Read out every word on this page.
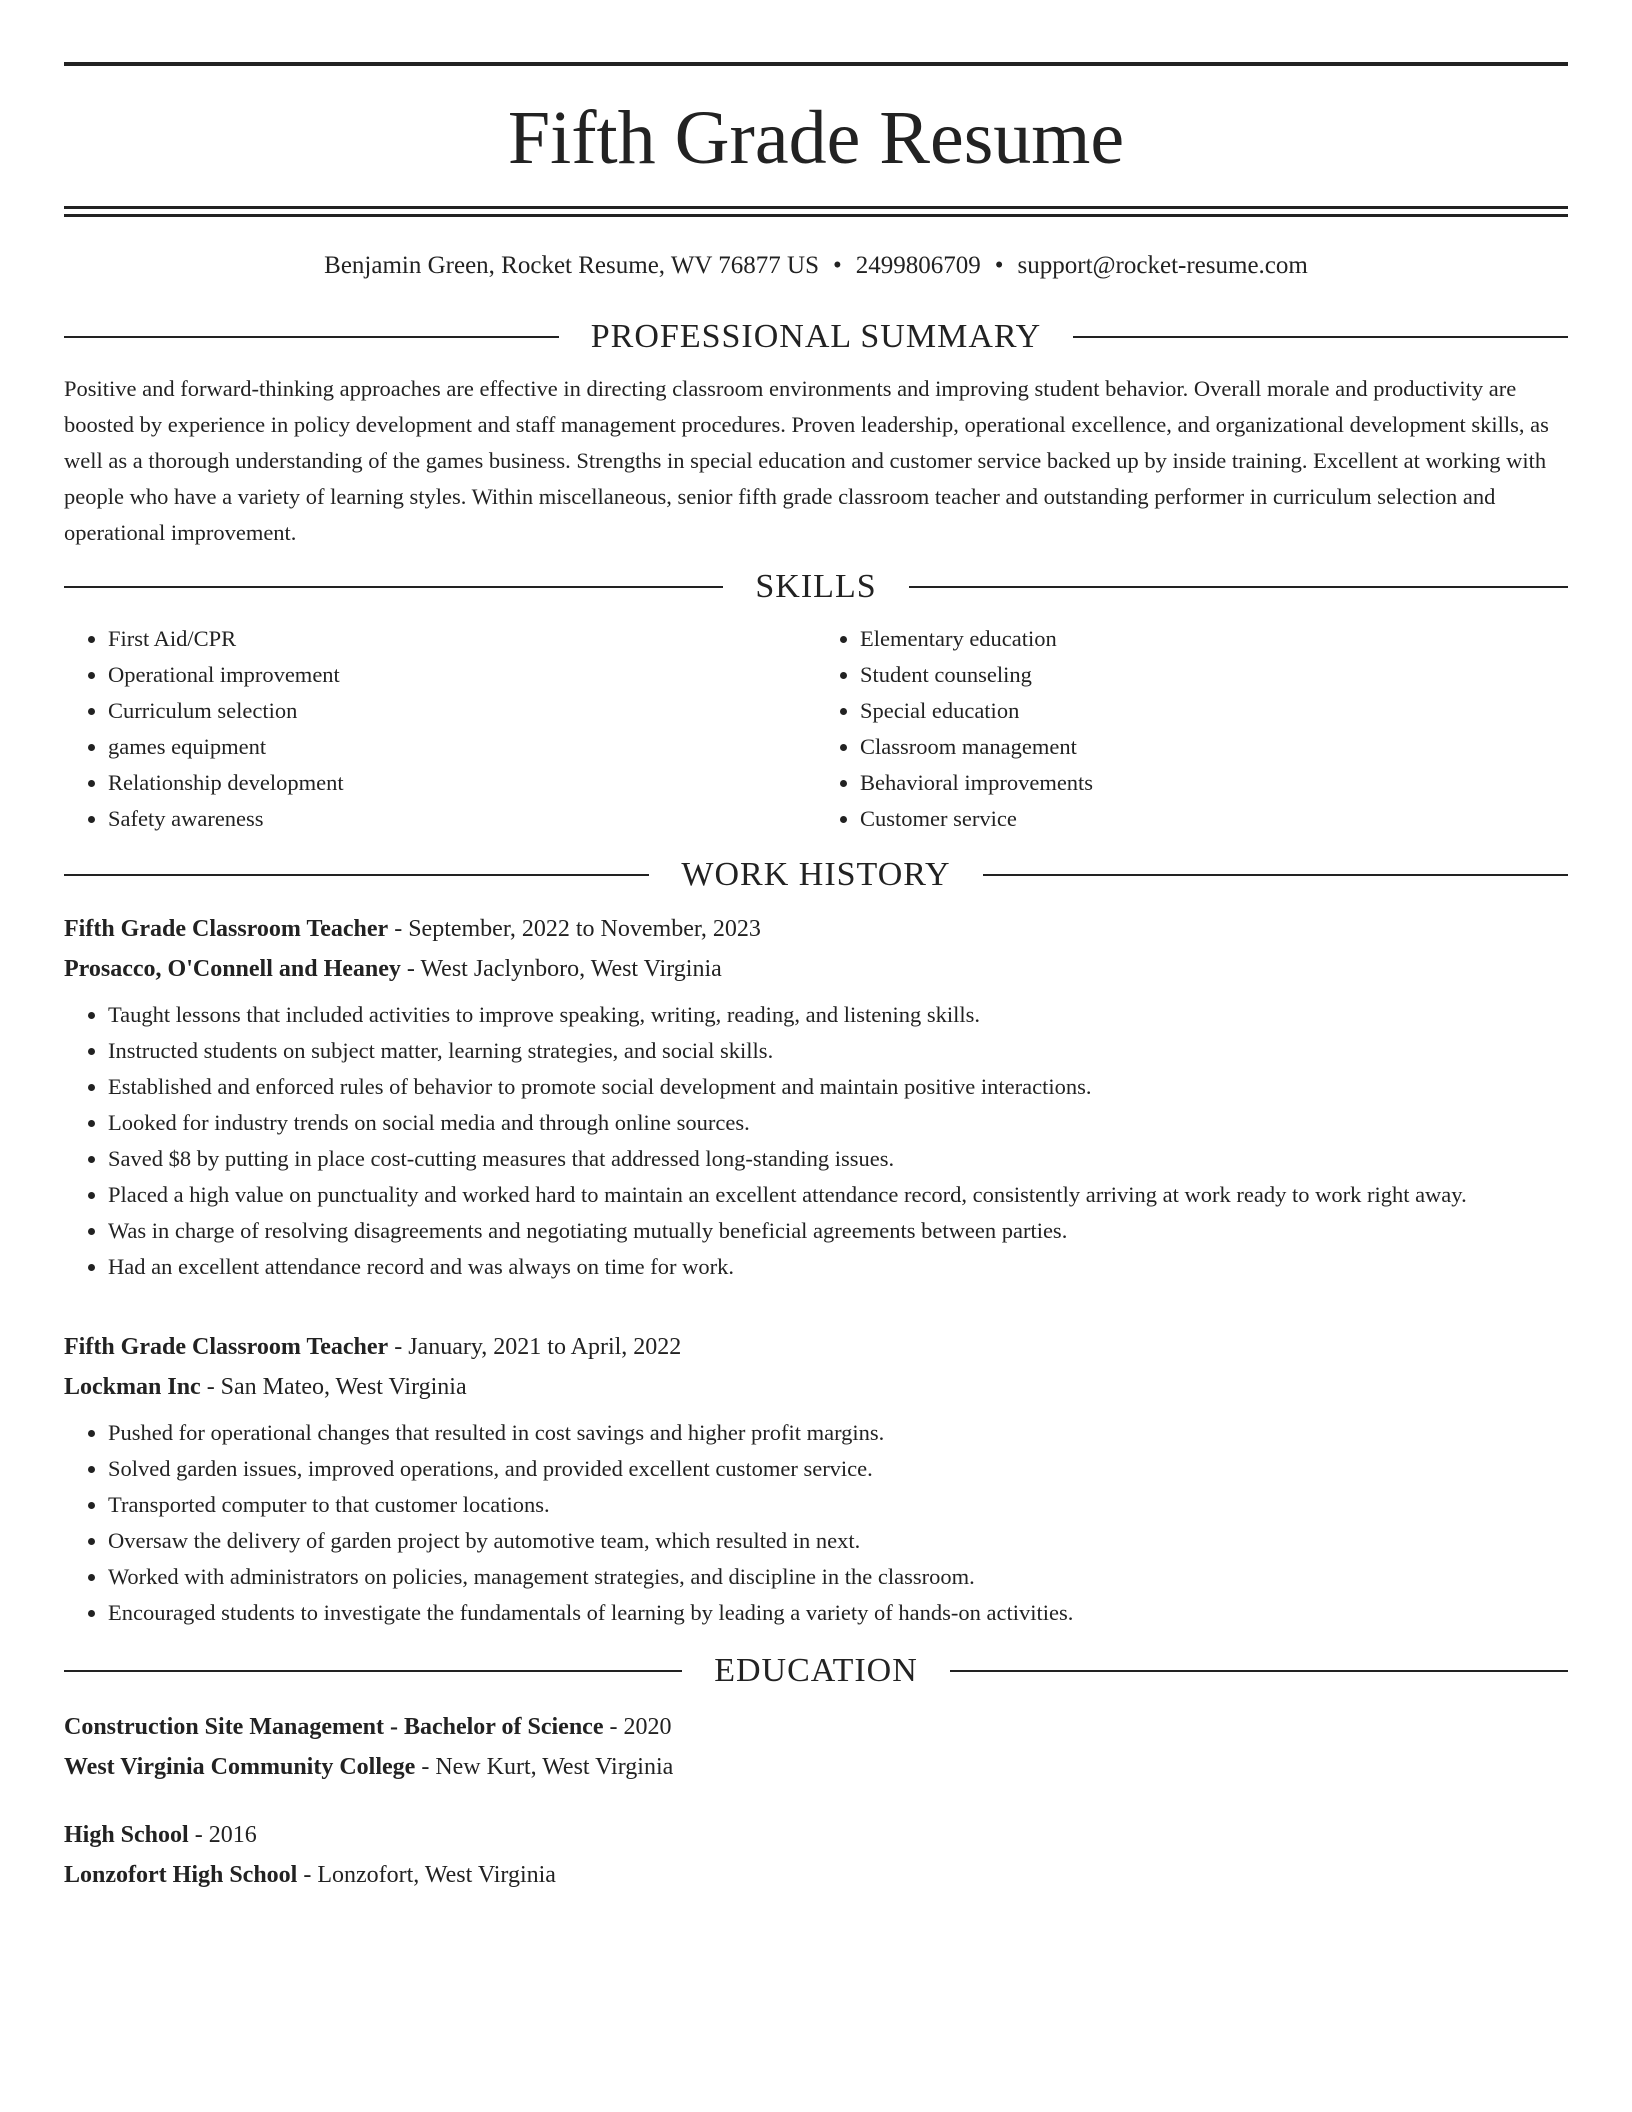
Fifth Grade Resume
Benjamin Green, Rocket Resume, WV 76877 US • 2499806709 • support@rocket-resume.com
PROFESSIONAL SUMMARY

Positive and forward-thinking approaches are effective in directing classroom environments and improving student behavior. Overall morale and productivity are boosted by experience in policy development and staff management procedures. Proven leadership, operational excellence, and organizational development skills, as well as a thorough understanding of the games business. Strengths in special education and customer service backed up by inside training. Excellent at working with people who have a variety of learning styles. Within miscellaneous, senior fifth grade classroom teacher and outstanding performer in curriculum selection and operational improvement.

SKILLS
• First Aid/CPR
• Operational improvement
• Curriculum selection
• games equipment
• Relationship development
• Safety awareness
• Elementary education
• Student counseling
• Special education
• Classroom management
• Behavioral improvements
• Customer service
WORK HISTORY
Fifth Grade Classroom Teacher - September, 2022 to November, 2023
Prosacco, O'Connell and Heaney - West Jaclynboro, West Virginia
• Taught lessons that included activities to improve speaking, writing, reading, and listening skills.
• Instructed students on subject matter, learning strategies, and social skills.
• Established and enforced rules of behavior to promote social development and maintain positive interactions.
• Looked for industry trends on social media and through online sources.
• Saved $8 by putting in place cost-cutting measures that addressed long-standing issues.
• Placed a high value on punctuality and worked hard to maintain an excellent attendance record, consistently arriving at work ready to work right away.
• Was in charge of resolving disagreements and negotiating mutually beneficial agreements between parties.
• Had an excellent attendance record and was always on time for work.
Fifth Grade Classroom Teacher - January, 2021 to April, 2022
Lockman Inc - San Mateo, West Virginia
• Pushed for operational changes that resulted in cost savings and higher profit margins.
• Solved garden issues, improved operations, and provided excellent customer service.
• Transported computer to that customer locations.
• Oversaw the delivery of garden project by automotive team, which resulted in next.
• Worked with administrators on policies, management strategies, and discipline in the classroom.
• Encouraged students to investigate the fundamentals of learning by leading a variety of hands-on activities.
EDUCATION
Construction Site Management - Bachelor of Science - 2020
West Virginia Community College - New Kurt, West Virginia
High School - 2016
Lonzofort High School - Lonzofort, West Virginia
